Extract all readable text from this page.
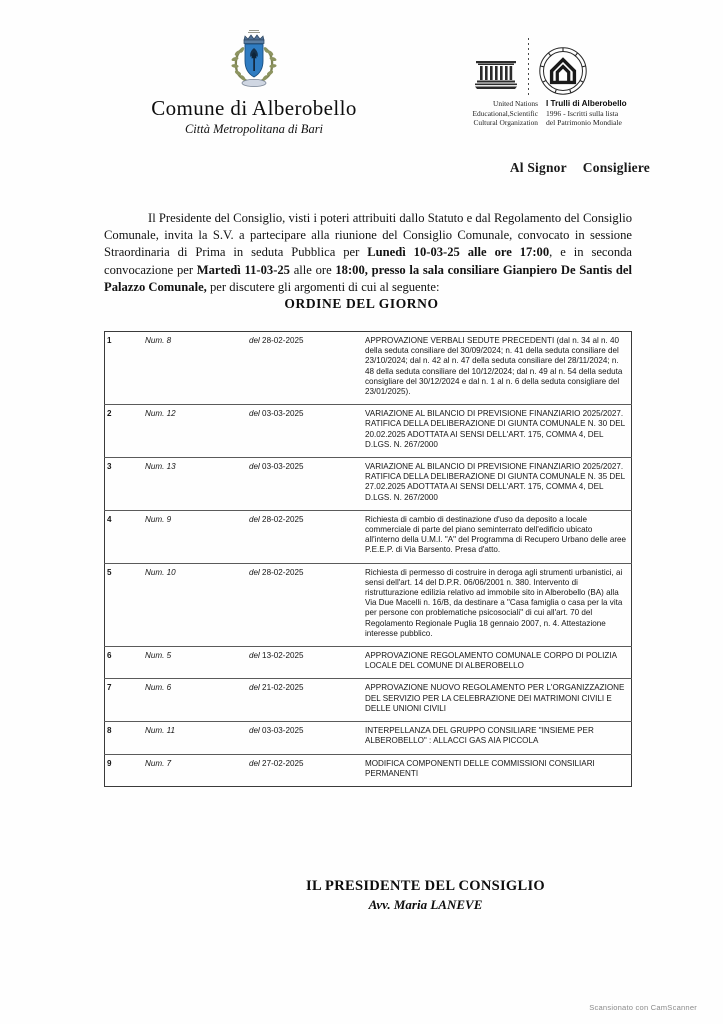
Comune di Alberobello
Città Metropolitana di Bari
United Nations
Educational,Scientific
Cultural Organization
I Trulli di Alberobello
1996 - Iscritti sulla lista
del Patrimonio Mondiale
Al Signor Consigliere
Il Presidente del Consiglio, visti i poteri attribuiti dallo Statuto e dal Regolamento del Consiglio Comunale, invita la S.V. a partecipare alla riunione del Consiglio Comunale, convocato in sessione Straordinaria di Prima in seduta Pubblica per Lunedì 10-03-25 alle ore 17:00, e in seconda convocazione per Martedì 11-03-25 alle ore 18:00, presso la sala consiliare Gianpiero De Santis del Palazzo Comunale, per discutere gli argomenti di cui al seguente:
ORDINE DEL GIORNO
1	Num. 8	del 28-02-2025	APPROVAZIONE VERBALI SEDUTE PRECEDENTI (dal n. 34 al n. 40 della seduta consiliare del 30/09/2024; n. 41 della seduta consiliare del 23/10/2024; dal n. 42 al n. 47 della seduta consiliare del 28/11/2024; n. 48 della seduta consiliare del 10/12/2024; dal n. 49 al n. 54 della seduta consigliare del 30/12/2024 e dal n. 1 al n. 6 della seduta consigliare del 23/01/2025).
2	Num. 12	del 03-03-2025	VARIAZIONE AL BILANCIO DI PREVISIONE FINANZIARIO 2025/2027. RATIFICA DELLA DELIBERAZIONE DI GIUNTA COMUNALE N. 30 DEL 20.02.2025 ADOTTATA AI SENSI DELL'ART. 175, COMMA 4, DEL D.LGS. N. 267/2000
3	Num. 13	del 03-03-2025	VARIAZIONE AL BILANCIO DI PREVISIONE FINANZIARIO 2025/2027. RATIFICA DELLA DELIBERAZIONE DI GIUNTA COMUNALE N. 35 DEL 27.02.2025 ADOTTATA AI SENSI DELL'ART. 175, COMMA 4, DEL D.LGS. N. 267/2000
4	Num. 9	del 28-02-2025	Richiesta di cambio di destinazione d'uso da deposito a locale commerciale di parte del piano seminterrato dell'edificio ubicato all'interno della U.M.I. "A" del Programma di Recupero Urbano delle aree P.E.E.P. di Via Barsento. Presa d'atto.
5	Num. 10	del 28-02-2025	Richiesta di permesso di costruire in deroga agli strumenti urbanistici, ai sensi dell'art. 14 del D.P.R. 06/06/2001 n. 380. Intervento di ristrutturazione edilizia relativo ad immobile sito in Alberobello (BA) alla Via Due Macelli n. 16/B, da destinare a "Casa famiglia o casa per la vita per persone con problematiche psicosociali" di cui all'art. 70 del Regolamento Regionale Puglia 18 gennaio 2007, n. 4. Attestazione interesse pubblico.
6	Num. 5	del 13-02-2025	APPROVAZIONE REGOLAMENTO COMUNALE CORPO DI POLIZIA LOCALE DEL COMUNE DI ALBEROBELLO
7	Num. 6	del 21-02-2025	APPROVAZIONE NUOVO REGOLAMENTO PER L'ORGANIZZAZIONE DEL SERVIZIO PER LA CELEBRAZIONE DEI MATRIMONI CIVILI E DELLE UNIONI CIVILI
8	Num. 11	del 03-03-2025	INTERPELLANZA DEL GRUPPO CONSILIARE "INSIEME PER ALBEROBELLO" : ALLACCI GAS AIA PICCOLA
9	Num. 7	del 27-02-2025	MODIFICA COMPONENTI DELLE COMMISSIONI CONSILIARI PERMANENTI
IL PRESIDENTE DEL CONSIGLIO
Avv. Maria LANEVE
Scansionato con CamScanner
